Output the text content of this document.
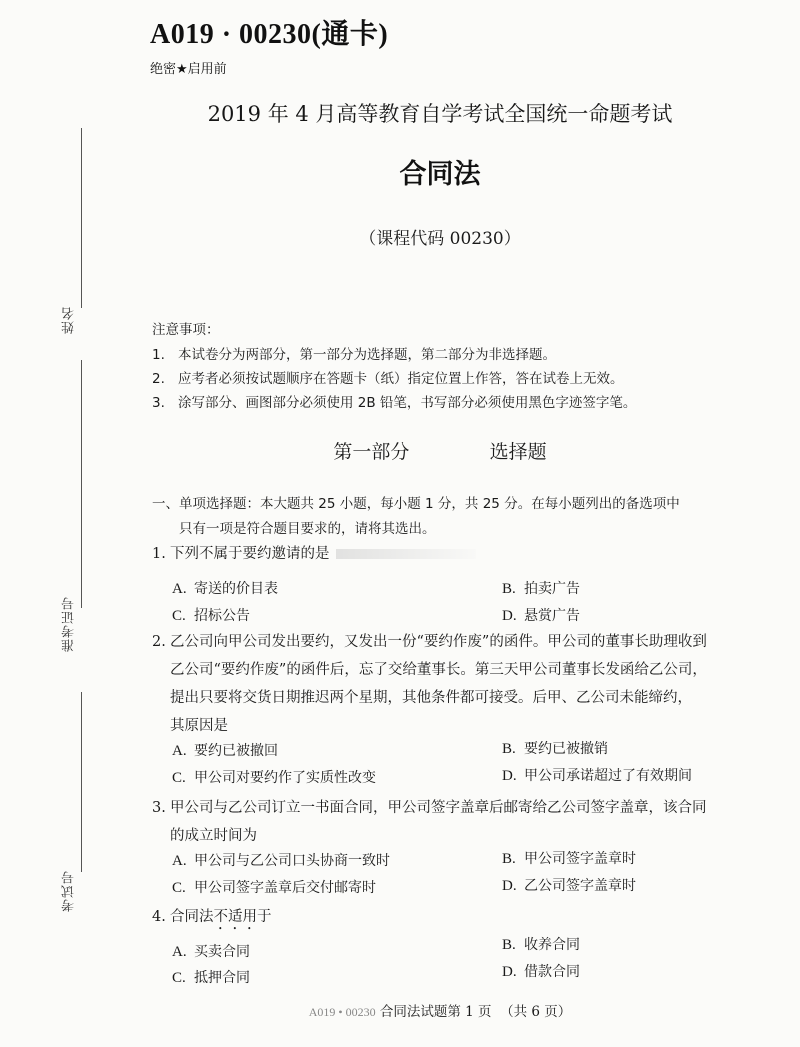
A019 · 00230(通卡)
绝密★启用前
2019 年 4 月高等教育自学考试全国统一命题考试
合同法
（课程代码 00230）
姓名
准考证号
考试号
注意事项：
1. 本试卷分为两部分，第一部分为选择题，第二部分为非选择题。
2. 应考者必须按试题顺序在答题卡（纸）指定位置上作答，答在试卷上无效。
3. 涂写部分、画图部分必须使用 2B 铅笔，书写部分必须使用黑色字迹签字笔。
第一部分    选择题
一、单项选择题：本大题共 25 小题，每小题 1 分，共 25 分。在每小题列出的备选项中
只有一项是符合题目要求的，请将其选出。
1. 下列不属于要约邀请的是
A. 寄送的价目表	B. 拍卖广告
C. 招标公告	D. 悬赏广告
2. 乙公司向甲公司发出要约，又发出一份“要约作废”的函件。甲公司的董事长助理收到
乙公司“要约作废”的函件后，忘了交给董事长。第三天甲公司董事长发函给乙公司，
提出只要将交货日期推迟两个星期，其他条件都可接受。后甲、乙公司未能缔约，
其原因是
A. 要约已被撤回	B. 要约已被撤销
C. 甲公司对要约作了实质性改变	D. 甲公司承诺超过了有效期间
3. 甲公司与乙公司订立一书面合同，甲公司签字盖章后邮寄给乙公司签字盖章，该合同
的成立时间为
A. 甲公司与乙公司口头协商一致时	B. 甲公司签字盖章时
C. 甲公司签字盖章后交付邮寄时	D. 乙公司签字盖章时
4. 合同法不适用于
A. 买卖合同	B. 收养合同
C. 抵押合同	D. 借款合同
A019 • 00230 合同法试题第 1 页  （共 6 页）
